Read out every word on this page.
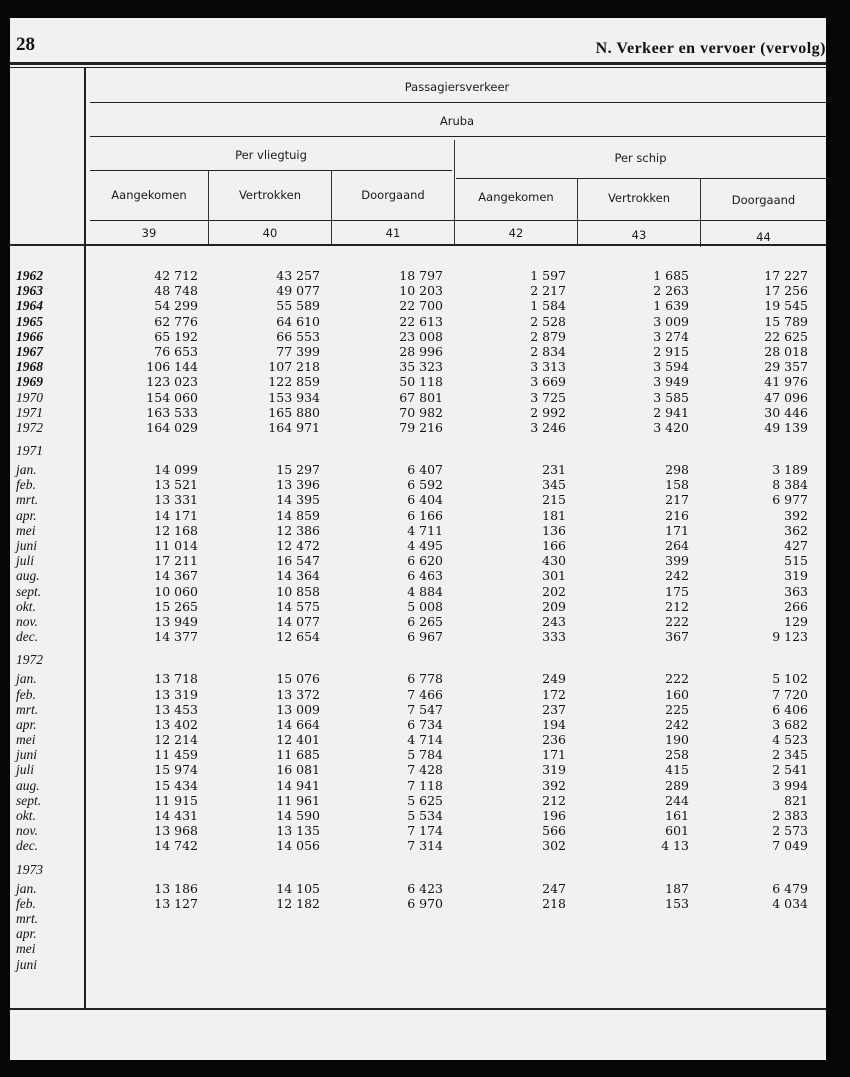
28	N. Verkeer en vervoer (vervolg)
Passagiersverkeer
Aruba
Per vliegtuig	Per schip
Aangekomen	Vertrokken	Doorgaand	Aangekomen	Vertrokken	Doorgaand
39	40	41	42	43	44
1962	42 712	43 257	18 797	1 597	1 685	17 227
1963	48 748	49 077	10 203	2 217	2 263	17 256
1964	54 299	55 589	22 700	1 584	1 639	19 545
1965	62 776	64 610	22 613	2 528	3 009	15 789
1966	65 192	66 553	23 008	2 879	3 274	22 625
1967	76 653	77 399	28 996	2 834	2 915	28 018
1968	106 144	107 218	35 323	3 313	3 594	29 357
1969	123 023	122 859	50 118	3 669	3 949	41 976
1970	154 060	153 934	67 801	3 725	3 585	47 096
1971	163 533	165 880	70 982	2 992	2 941	30 446
1972	164 029	164 971	79 216	3 246	3 420	49 139
1971
jan.	14 099	15 297	6 407	231	298	3 189
feb.	13 521	13 396	6 592	345	158	8 384
mrt.	13 331	14 395	6 404	215	217	6 977
apr.	14 171	14 859	6 166	181	216	392
mei	12 168	12 386	4 711	136	171	362
juni	11 014	12 472	4 495	166	264	427
juli	17 211	16 547	6 620	430	399	515
aug.	14 367	14 364	6 463	301	242	319
sept.	10 060	10 858	4 884	202	175	363
okt.	15 265	14 575	5 008	209	212	266
nov.	13 949	14 077	6 265	243	222	129
dec.	14 377	12 654	6 967	333	367	9 123
1972
jan.	13 718	15 076	6 778	249	222	5 102
feb.	13 319	13 372	7 466	172	160	7 720
mrt.	13 453	13 009	7 547	237	225	6 406
apr.	13 402	14 664	6 734	194	242	3 682
mei	12 214	12 401	4 714	236	190	4 523
juni	11 459	11 685	5 784	171	258	2 345
juli	15 974	16 081	7 428	319	415	2 541
aug.	15 434	14 941	7 118	392	289	3 994
sept.	11 915	11 961	5 625	212	244	821
okt.	14 431	14 590	5 534	196	161	2 383
nov.	13 968	13 135	7 174	566	601	2 573
dec.	14 742	14 056	7 314	302	4 13	7 049
1973
jan.	13 186	14 105	6 423	247	187	6 479
feb.	13 127	12 182	6 970	218	153	4 034
mrt.
apr.
mei
juni
